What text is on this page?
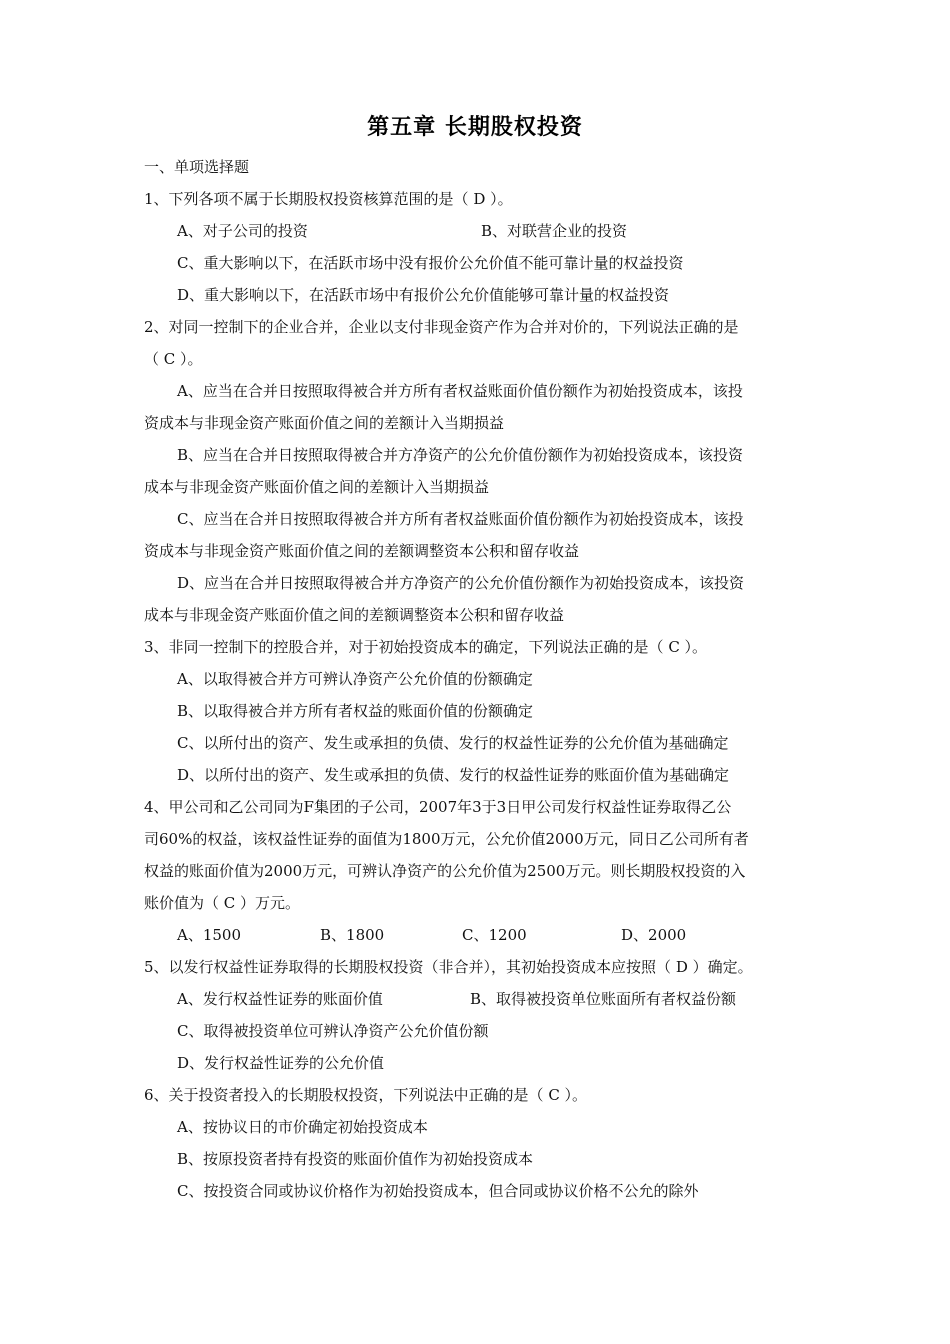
第五章 长期股权投资
一、单项选择题
1、下列各项不属于长期股权投资核算范围的是（ D ）。
A、对子公司的投资	B、对联营企业的投资
C、重大影响以下，在活跃市场中没有报价公允价值不能可靠计量的权益投资
D、重大影响以下，在活跃市场中有报价公允价值能够可靠计量的权益投资
2、对同一控制下的企业合并，企业以支付非现金资产作为合并对价的，下列说法正确的是
（ C ）。
A、应当在合并日按照取得被合并方所有者权益账面价值份额作为初始投资成本，该投
资成本与非现金资产账面价值之间的差额计入当期损益
B、应当在合并日按照取得被合并方净资产的公允价值份额作为初始投资成本，该投资
成本与非现金资产账面价值之间的差额计入当期损益
C、应当在合并日按照取得被合并方所有者权益账面价值份额作为初始投资成本，该投
资成本与非现金资产账面价值之间的差额调整资本公积和留存收益
D、应当在合并日按照取得被合并方净资产的公允价值份额作为初始投资成本，该投资
成本与非现金资产账面价值之间的差额调整资本公积和留存收益
3、非同一控制下的控股合并，对于初始投资成本的确定，下列说法正确的是（ C ）。
A、以取得被合并方可辨认净资产公允价值的份额确定
B、以取得被合并方所有者权益的账面价值的份额确定
C、以所付出的资产、发生或承担的负债、发行的权益性证券的公允价值为基础确定
D、以所付出的资产、发生或承担的负债、发行的权益性证券的账面价值为基础确定
4、甲公司和乙公司同为F集团的子公司，2007年3于3日甲公司发行权益性证券取得乙公
司60%的权益，该权益性证券的面值为1800万元，公允价值2000万元，同日乙公司所有者
权益的账面价值为2000万元，可辨认净资产的公允价值为2500万元。则长期股权投资的入
账价值为（ C ）万元。
A、1500	B、1800	C、1200	D、2000
5、以发行权益性证券取得的长期股权投资（非合并），其初始投资成本应按照（ D ）确定。
A、发行权益性证券的账面价值	B、取得被投资单位账面所有者权益份额
C、取得被投资单位可辨认净资产公允价值份额
D、发行权益性证券的公允价值
6、关于投资者投入的长期股权投资，下列说法中正确的是（ C ）。
A、按协议日的市价确定初始投资成本
B、按原投资者持有投资的账面价值作为初始投资成本
C、按投资合同或协议价格作为初始投资成本，但合同或协议价格不公允的除外
